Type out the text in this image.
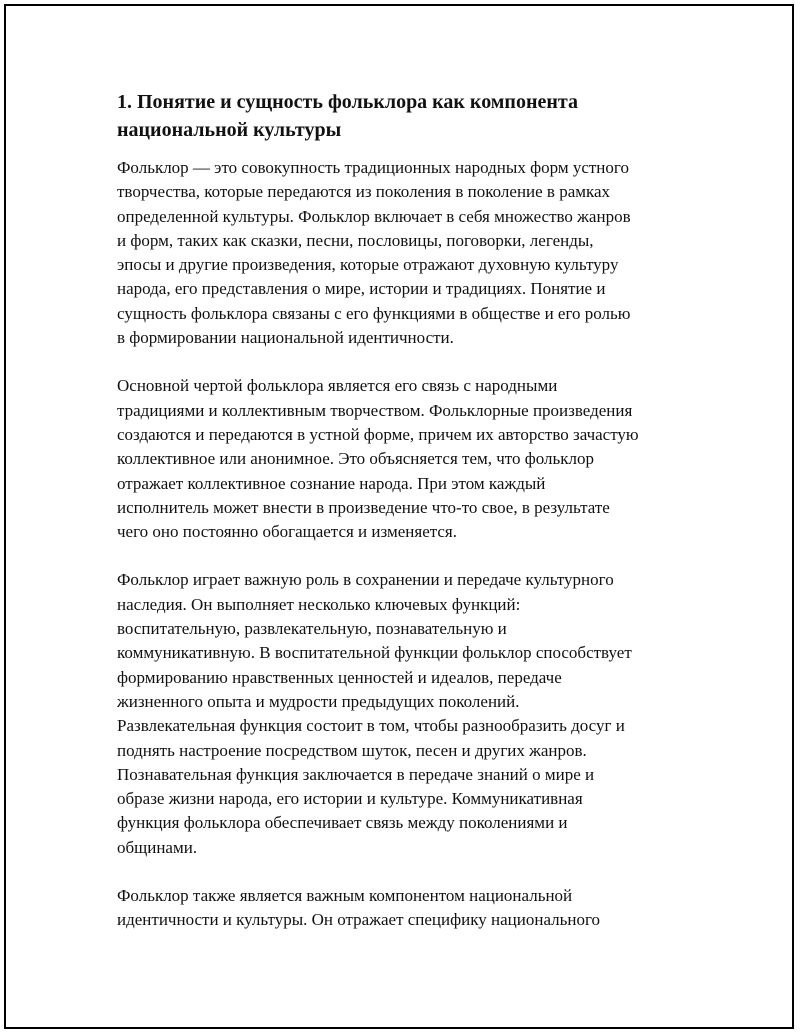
1. Понятие и сущность фольклора как компонента
национальной культуры

Фольклор — это совокупность традиционных народных форм устного
творчества, которые передаются из поколения в поколение в рамках
определенной культуры. Фольклор включает в себя множество жанров
и форм, таких как сказки, песни, пословицы, поговорки, легенды,
эпосы и другие произведения, которые отражают духовную культуру
народа, его представления о мире, истории и традициях. Понятие и
сущность фольклора связаны с его функциями в обществе и его ролью
в формировании национальной идентичности.

Основной чертой фольклора является его связь с народными
традициями и коллективным творчеством. Фольклорные произведения
создаются и передаются в устной форме, причем их авторство зачастую
коллективное или анонимное. Это объясняется тем, что фольклор
отражает коллективное сознание народа. При этом каждый
исполнитель может внести в произведение что-то свое, в результате
чего оно постоянно обогащается и изменяется.

Фольклор играет важную роль в сохранении и передаче культурного
наследия. Он выполняет несколько ключевых функций:
воспитательную, развлекательную, познавательную и
коммуникативную. В воспитательной функции фольклор способствует
формированию нравственных ценностей и идеалов, передаче
жизненного опыта и мудрости предыдущих поколений.
Развлекательная функция состоит в том, чтобы разнообразить досуг и
поднять настроение посредством шуток, песен и других жанров.
Познавательная функция заключается в передаче знаний о мире и
образе жизни народа, его истории и культуре. Коммуникативная
функция фольклора обеспечивает связь между поколениями и
общинами.

Фольклор также является важным компонентом национальной
идентичности и культуры. Он отражает специфику национального
